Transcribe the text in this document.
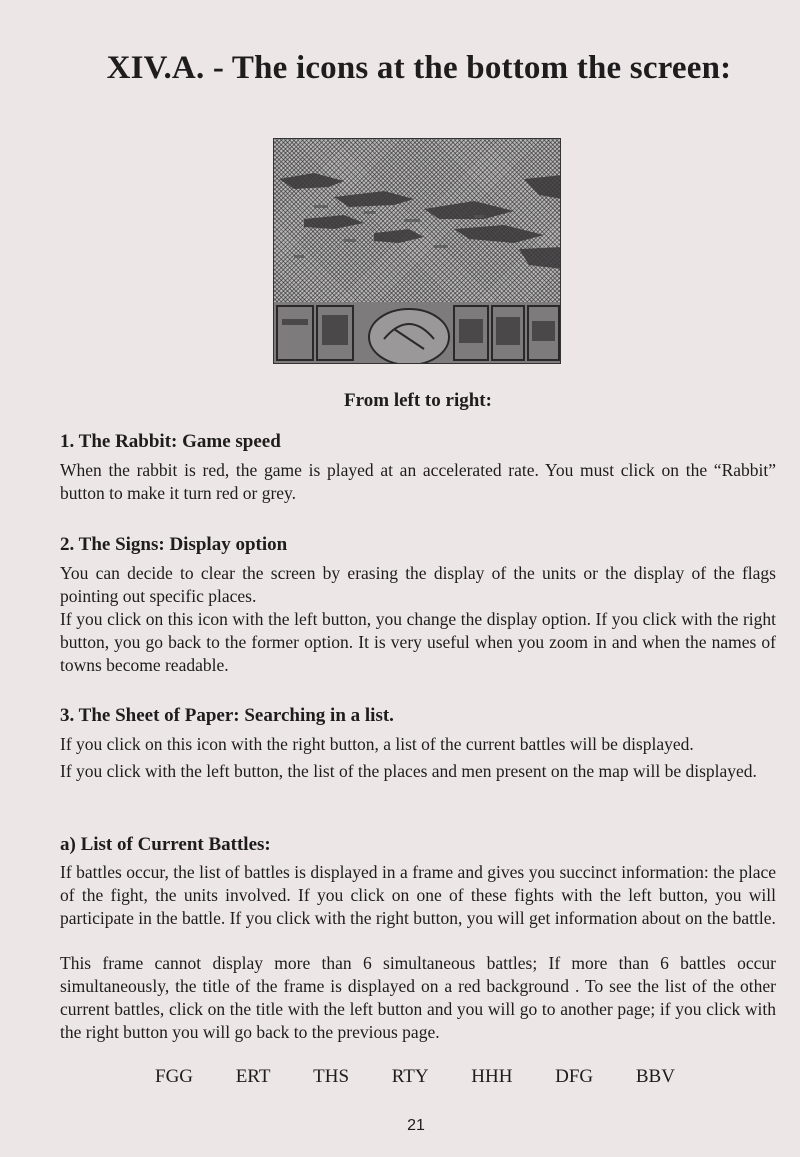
XIV.A. - The icons at the bottom the screen:
From left to right:
1. The Rabbit: Game speed
When the rabbit is red, the game is played at an accelerated rate. You must click on the “Rabbit” button to make it turn red or grey.
2. The Signs: Display option
You can decide to clear the screen by erasing the display of the units or the display of the flags pointing out specific places.
If you click on this icon with the left button, you change the display option. If you click with the right button, you go back to the former option. It is very useful when you zoom in and when the names of towns become readable.
3. The Sheet of Paper: Searching in a list.
If you click on this icon with the right button, a list of the current battles will be displayed.
If you click with the left button, the list of the places and men present on the map will be displayed.
a) List of Current Battles:
If battles occur, the list of battles is displayed in a frame and gives you succinct information: the place of the fight, the units involved. If you click on one of these fights with the left button, you will participate in the battle. If you click with the right button, you will get information about on the battle.
This frame cannot display more than 6 simultaneous battles; If more than 6 battles occur simultaneously, the title of the frame is displayed on a red background . To see the list of the other current battles, click on the title with the left button and you will go to another page; if you click with the right button you will go back to the previous page.
FGG ERT THS RTY HHH DFG BBV
21
